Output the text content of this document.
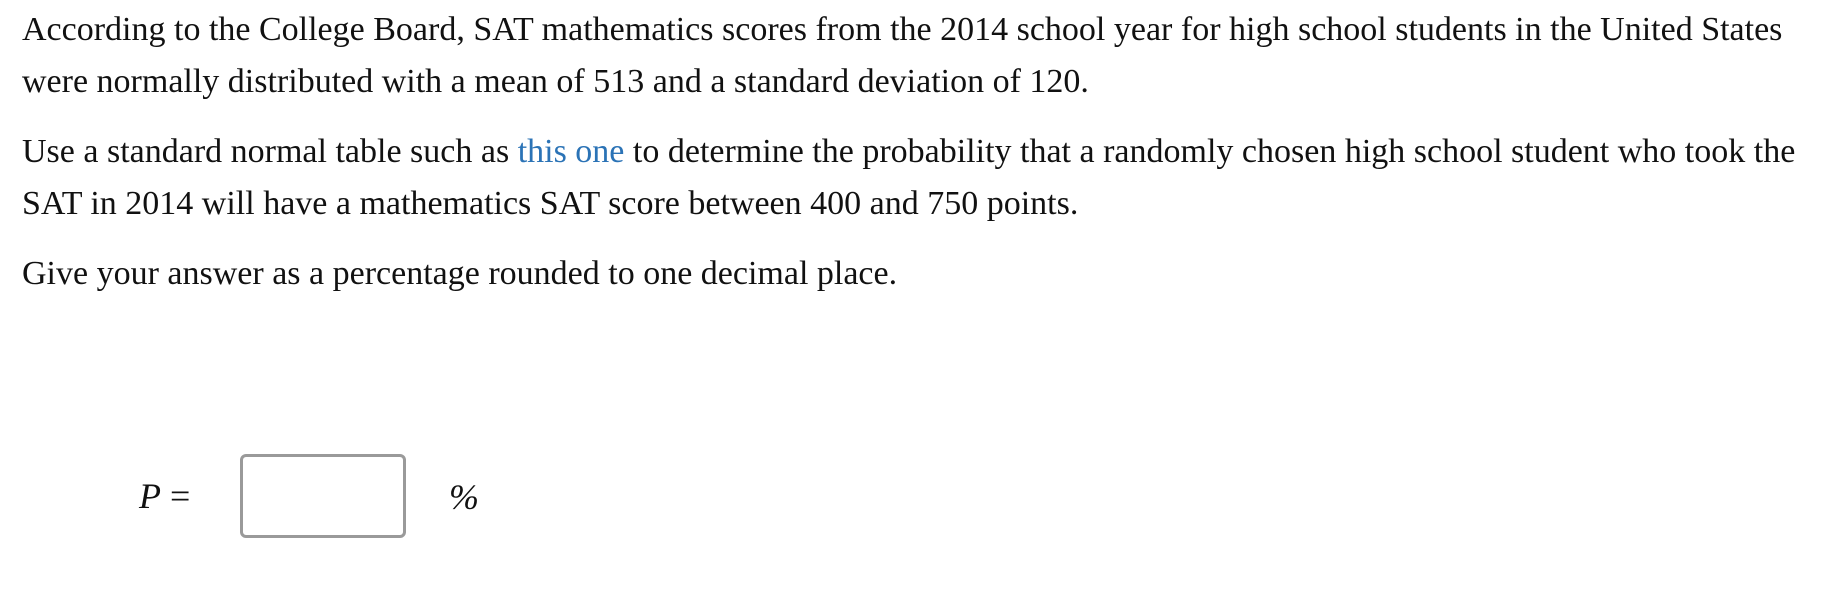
According to the College Board, SAT mathematics scores from the 2014 school year for high school students in the United States were normally distributed with a mean of 513 and a standard deviation of 120.

Use a standard normal table such as this one to determine the probability that a randomly chosen high school student who took the SAT in 2014 will have a mathematics SAT score between 400 and 750 points.

Give your answer as a percentage rounded to one decimal place.

P =	%
